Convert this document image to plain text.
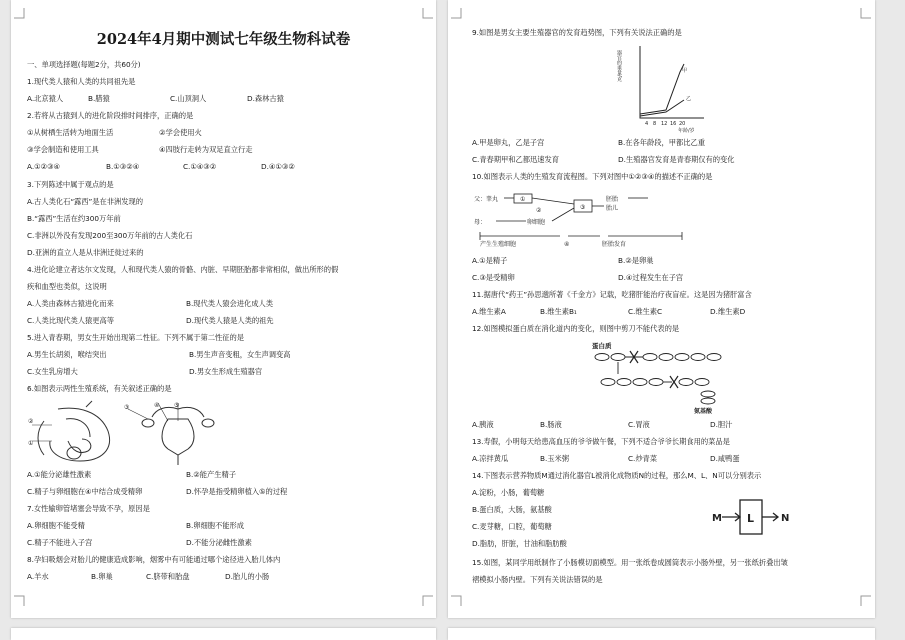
2024年4月期中测试七年级生物科试卷
一、单项选择题(每题2分，共60分)
1.现代类人猿和人类的共同祖先是
A.北京猿人	B.腊猿	C.山顶洞人	D.森林古猿
2.若将从古猿到人的进化阶段排时间排序，正确的是
①从树栖生活转为地面生活	②学会使用火
③学会制造和使用工具	④四肢行走转为双足直立行走
A.①②③④	B.①③②④	C.①④③②	D.④①③②
3.下列陈述中属于观点的是
A.古人类化石“露西”是在非洲发现的
B.“露西”生活在约300万年前
C.非洲以外没有发现200至300万年前的古人类化石
D.亚洲的直立人是从非洲迁徙过来的
4.进化论建立者达尔文发现，人和现代类人猿的骨骼、内脏、早期胚胎都非常相似，做出所形的假
疾和血型也类似，这说明
A.人类由森林古猿进化而来	B.现代类人猿会进化成人类
C.人类比现代类人猿更高等	D.现代类人猿是人类的祖先
5.进入青春期，男女生开始出现第二性征。下列不属于第二性征的是
A.男生长胡须，喉结突出	B.男生声音变粗，女生声调变高
C.女生乳房增大	D.男女生形成生殖器官
6.如图表示两性生殖系统，有关叙述正确的是
A.①能分泌雄性激素	B.②能产生精子
C.精子与卵细胞在④中结合成受精卵	D.怀孕是指受精卵植入⑤的过程
7.女性输卵管堵塞会导致不孕，原因是
A.卵细胞不能受精	B.卵细胞不能形成
C.精子不能进入子宫	D.不能分泌雌性激素
8.孕妇吸烟会对胎儿的健康造成影响，烟雾中有可能通过哪个途径进入胎儿体内
A.羊水	B.卵巢	C.脐带和胎盘	D.胎儿的小肠
②
①
③	④ ⑤
9.如图是男女主要生殖器官的发育趋势图，下列有关说法正确的是
A.甲是卵丸，乙是子宫	B.在各年龄段，甲都比乙重
C.青春期甲和乙都迅速发育	D.生殖器官发育是青春期仅有的变化
10.如图表示人类的生殖发育流程图。下列对图中①②③④的描述不正确的是
A.①是精子	B.②是卵巢
C.③是受精卵	D.④过程发生在子宫
11.据唐代“药王”孙思邈所著《千金方》记载，吃猪肝能治疗夜盲症。这是因为猪肝富含
A.维生素A	B.维生素B₁	C.维生素C	D.维生素D
12.如图模拟蛋白质在消化道内的变化，则图中剪刀不能代表的是
A.胰液	B.肠液	C.胃液	D.胆汁
13.寿假，小明每天给患高血压的爷爷做午餐，下列不适合爷爷长期食用的菜品是
A.凉拌黄瓜	B.玉米粥	C.炒青菜	D.咸鸭蛋
14.下图表示营养物质M通过消化器官L被消化成物质N的过程，那么M、L、N可以分别表示
A.淀粉，小肠，葡萄糖
B.蛋白质，大肠，氨基酸
C.麦芽糖，口腔，葡萄糖
D.脂肪，肝脏，甘油和脂肪酸
15.如图，某同学用纸制作了小肠模切面模型。用一张纸卷成圆筒表示小肠外壁，另一张纸折叠出皱
褶模拟小肠内壁。下列有关说法错误的是
器官的重量/克
4 8 12 16 20
年龄/岁
甲
乙
父：睾丸
母：	卵细胞
胚胎
胎儿
②
产生生殖细胞	④	胚胎发育
①
③
蛋白质
氨基酸
M L	N
